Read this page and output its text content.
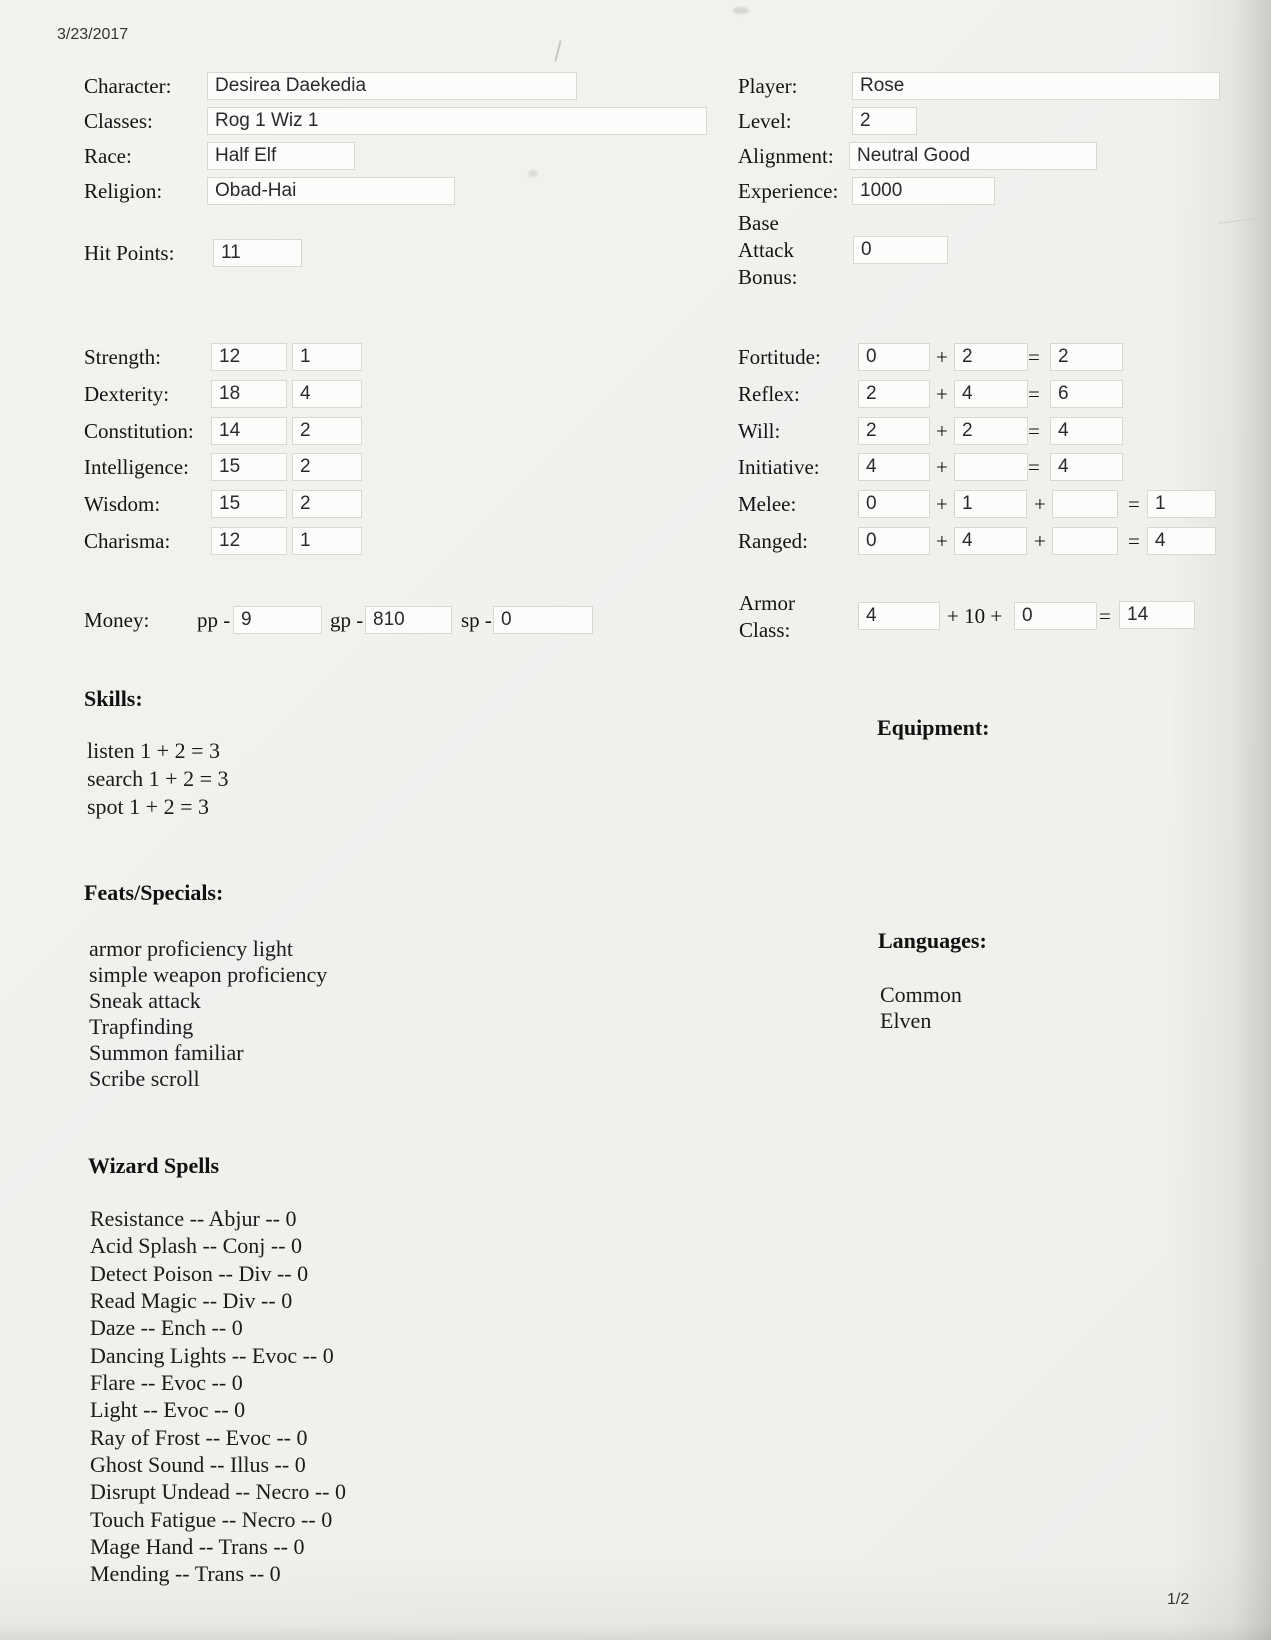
3/23/2017
Character:	Desirea Daekedia
Classes:	Rog 1 Wiz 1
Race:	Half Elf
Religion:	Obad-Hai
Player:	Rose
Level:	2
Alignment:	Neutral Good
Experience:	1000
Base
Attack
Bonus:
0
Hit Points:	11
Strength:	12	1
Dexterity:	18	4
Constitution:	14	2
Intelligence:	15	2
Wisdom:	15	2
Charisma:	12	1
Fortitude:	0	+ 2	= 2
Reflex:	2	+ 4	= 6
Will:	2	+ 2	= 4
Initiative:	4	+	= 4
Melee:	0	+ 1	+	= 1
Ranged:	0	+ 4	+	= 4
Money: pp - 9	gp - 810	sp - 0
Armor
Class:
4	+ 10 +	0	= 14
Skills:
listen 1 + 2 = 3
search 1 + 2 = 3
spot 1 + 2 = 3
Equipment:
Feats/Specials:
armor proficiency light
simple weapon proficiency
Sneak attack
Trapfinding
Summon familiar
Scribe scroll
Languages:
Common
Elven
Wizard Spells
Resistance -- Abjur -- 0
Acid Splash -- Conj -- 0
Detect Poison -- Div -- 0
Read Magic -- Div -- 0
Daze -- Ench -- 0
Dancing Lights -- Evoc -- 0
Flare -- Evoc -- 0
Light -- Evoc -- 0
Ray of Frost -- Evoc -- 0
Ghost Sound -- Illus -- 0
Disrupt Undead -- Necro -- 0
Touch Fatigue -- Necro -- 0
Mage Hand -- Trans -- 0
Mending -- Trans -- 0
1/2
